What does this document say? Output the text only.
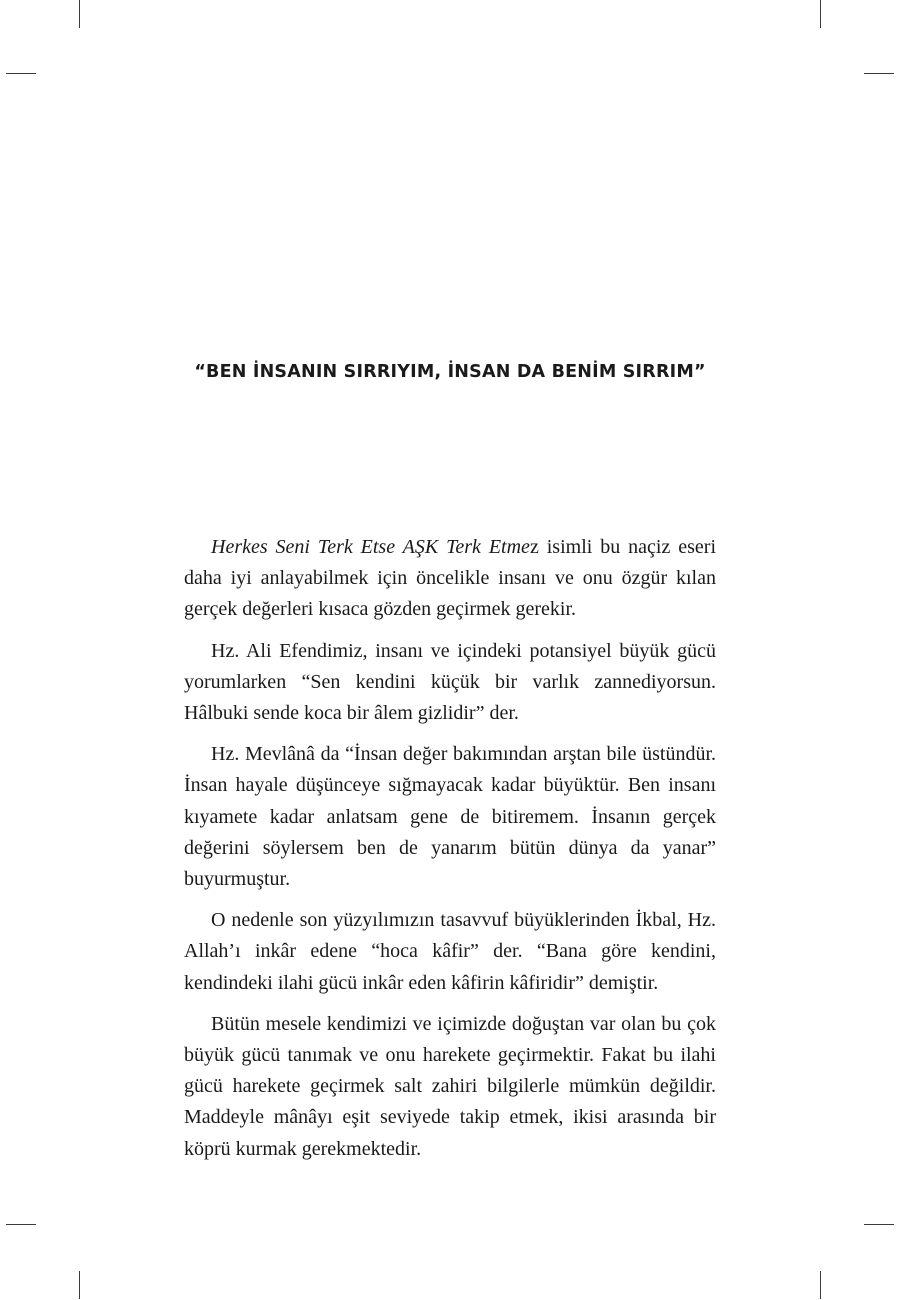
“BEN İNSANIN SIRRIYIM, İNSAN DA BENİM SIRRIM”

Herkes Seni Terk Etse AŞK Terk Etmez isimli bu naçiz eseri daha iyi anlayabilmek için öncelikle insanı ve onu özgür kılan gerçek değerleri kısaca gözden geçirmek gerekir.

Hz. Ali Efendimiz, insanı ve içindeki potansiyel büyük gücü yorumlarken “Sen kendini küçük bir varlık zannediyorsun. Hâlbuki sende koca bir âlem gizlidir” der.

Hz. Mevlânâ da “İnsan değer bakımından arştan bile üstündür. İnsan hayale düşünceye sığmayacak kadar büyüktür. Ben insanı kıyamete kadar anlatsam gene de bitiremem. İnsanın gerçek değerini söylersem ben de yanarım bütün dünya da yanar” buyurmuştur.

O nedenle son yüzyılımızın tasavvuf büyüklerinden İkbal, Hz. Allah’ı inkâr edene “hoca kâfir” der. “Bana göre kendini, kendindeki ilahi gücü inkâr eden kâfirin kâfiridir” demiştir.

Bütün mesele kendimizi ve içimizde doğuştan var olan bu çok büyük gücü tanımak ve onu harekete geçirmektir. Fakat bu ilahi gücü harekete geçirmek salt zahiri bilgilerle mümkün değildir. Maddeyle mânâyı eşit seviyede takip etmek, ikisi arasında bir köprü kurmak gerekmektedir.
